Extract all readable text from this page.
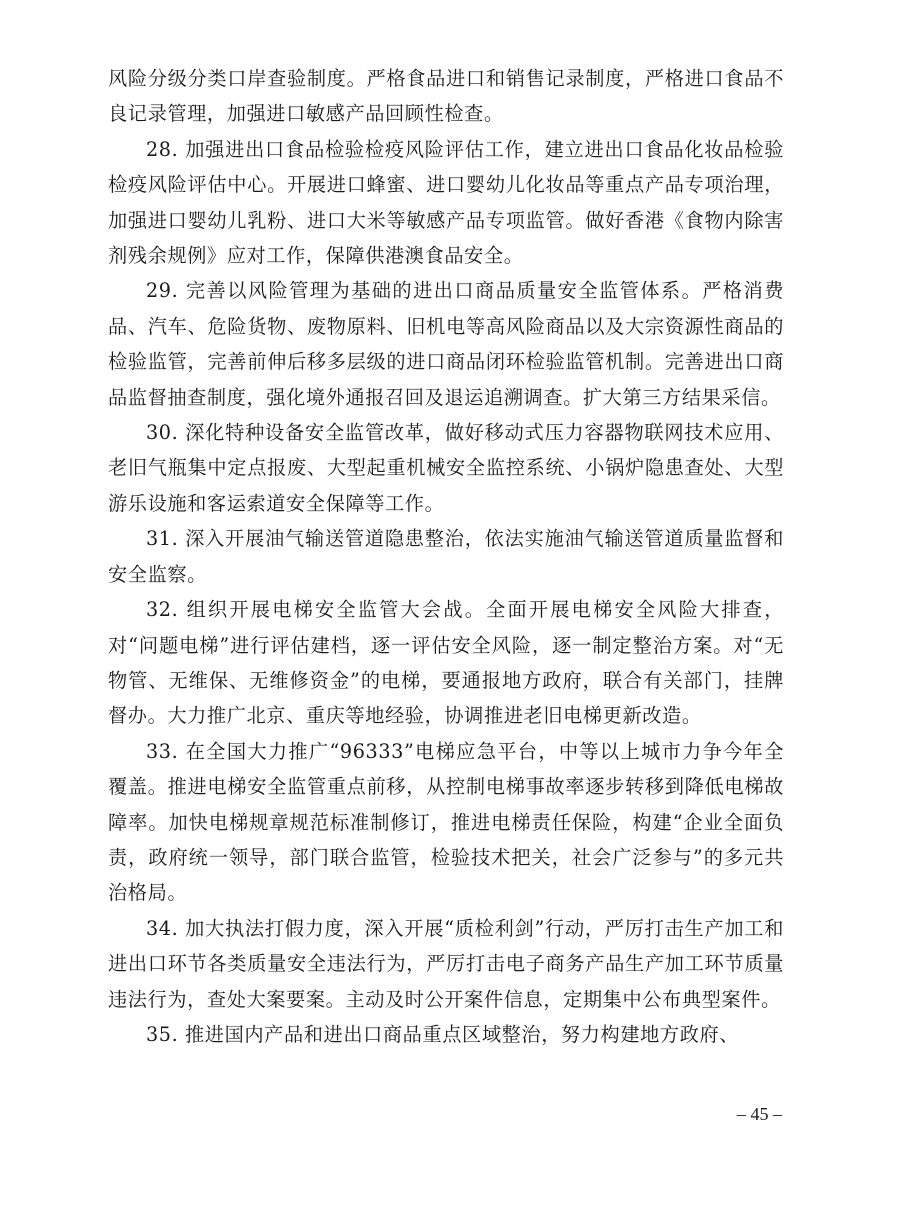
风险分级分类口岸查验制度。严格食品进口和销售记录制度，严格进口食品不良记录管理，加强进口敏感产品回顾性检查。

28. 加强进出口食品检验检疫风险评估工作，建立进出口食品化妆品检验检疫风险评估中心。开展进口蜂蜜、进口婴幼儿化妆品等重点产品专项治理，加强进口婴幼儿乳粉、进口大米等敏感产品专项监管。做好香港《食物内除害剂残余规例》应对工作，保障供港澳食品安全。

29. 完善以风险管理为基础的进出口商品质量安全监管体系。严格消费品、汽车、危险货物、废物原料、旧机电等高风险商品以及大宗资源性商品的检验监管，完善前伸后移多层级的进口商品闭环检验监管机制。完善进出口商品监督抽查制度，强化境外通报召回及退运追溯调查。扩大第三方结果采信。

30. 深化特种设备安全监管改革，做好移动式压力容器物联网技术应用、老旧气瓶集中定点报废、大型起重机械安全监控系统、小锅炉隐患查处、大型游乐设施和客运索道安全保障等工作。

31. 深入开展油气输送管道隐患整治，依法实施油气输送管道质量监督和安全监察。

32. 组织开展电梯安全监管大会战。全面开展电梯安全风险大排查，对“问题电梯”进行评估建档，逐一评估安全风险，逐一制定整治方案。对“无物管、无维保、无维修资金”的电梯，要通报地方政府，联合有关部门，挂牌督办。大力推广北京、重庆等地经验，协调推进老旧电梯更新改造。

33. 在全国大力推广“96333”电梯应急平台，中等以上城市力争今年全覆盖。推进电梯安全监管重点前移，从控制电梯事故率逐步转移到降低电梯故障率。加快电梯规章规范标准制修订，推进电梯责任保险，构建“企业全面负责，政府统一领导，部门联合监管，检验技术把关，社会广泛参与”的多元共治格局。

34. 加大执法打假力度，深入开展“质检利剑”行动，严厉打击生产加工和进出口环节各类质量安全违法行为，严厉打击电子商务产品生产加工环节质量违法行为，查处大案要案。主动及时公开案件信息，定期集中公布典型案件。

35. 推进国内产品和进出口商品重点区域整治，努力构建地方政府、

– 45 –
